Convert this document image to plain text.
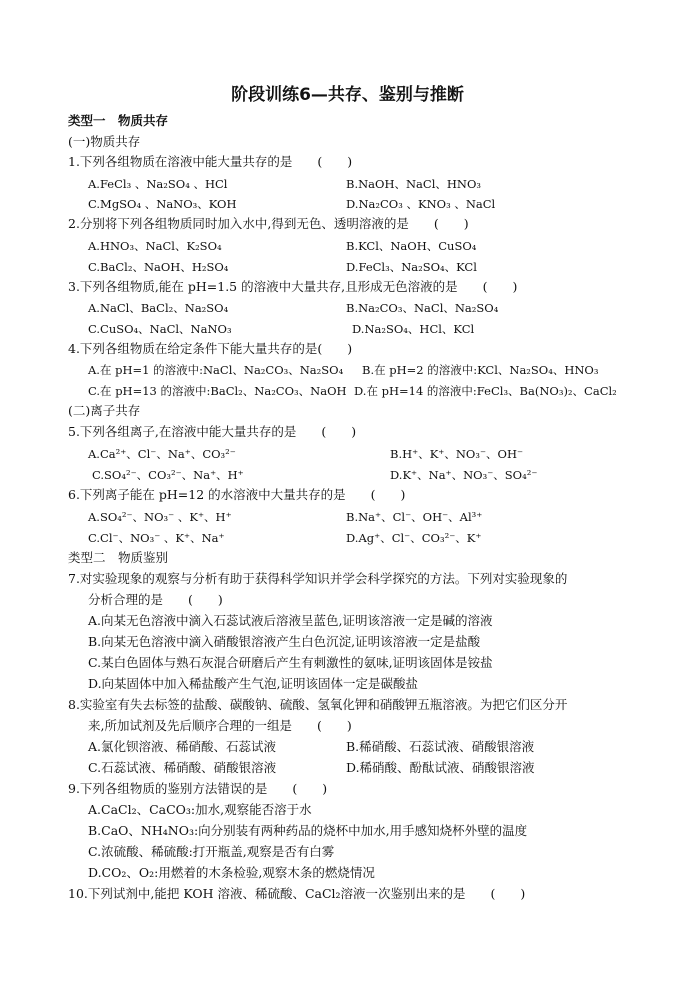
阶段训练6—共存、鉴别与推断
类型一　物质共存
(一)物质共存
1.下列各组物质在溶液中能大量共存的是　　(　　)
A.FeCl₃ 、Na₂SO₄ 、HCl	B.NaOH、NaCl、HNO₃
C.MgSO₄ 、NaNO₃、KOH	D.Na₂CO₃ 、KNO₃ 、NaCl
2.分别将下列各组物质同时加入水中,得到无色、透明溶液的是　　(　　)
A.HNO₃、NaCl、K₂SO₄	B.KCl、NaOH、CuSO₄
C.BaCl₂、NaOH、H₂SO₄	D.FeCl₃、Na₂SO₄、KCl
3.下列各组物质,能在 pH=1.5 的溶液中大量共存,且形成无色溶液的是　　(　　)
A.NaCl、BaCl₂、Na₂SO₄	B.Na₂CO₃、NaCl、Na₂SO₄
C.CuSO₄、NaCl、NaNO₃	D.Na₂SO₄、HCl、KCl
4.下列各组物质在给定条件下能大量共存的是(　　)
A.在 pH=1 的溶液中:NaCl、Na₂CO₃、Na₂SO₄ B.在 pH=2 的溶液中:KCl、Na₂SO₄、HNO₃
C.在 pH=13 的溶液中:BaCl₂、Na₂CO₃、NaOH D.在 pH=14 的溶液中:FeCl₃、Ba(NO₃)₂、CaCl₂
(二)离子共存
5.下列各组离子,在溶液中能大量共存的是　　(　　)
A.Ca²⁺、Cl⁻、Na⁺、CO₃²⁻	B.H⁺、K⁺、NO₃⁻、OH⁻
C.SO₄²⁻、CO₃²⁻、Na⁺、H⁺	D.K⁺、Na⁺、NO₃⁻、SO₄²⁻
6.下列离子能在 pH=12 的水溶液中大量共存的是　　(　　)
A.SO₄²⁻、NO₃⁻ 、K⁺、H⁺	B.Na⁺、Cl⁻、OH⁻、Al³⁺
C.Cl⁻、NO₃⁻ 、K⁺、Na⁺	D.Ag⁺、Cl⁻、CO₃²⁻、K⁺
类型二　物质鉴别
7.对实验现象的观察与分析有助于获得科学知识并学会科学探究的方法。下列对实验现象的
分析合理的是　　(　　)
A.向某无色溶液中滴入石蕊试液后溶液呈蓝色,证明该溶液一定是碱的溶液
B.向某无色溶液中滴入硝酸银溶液产生白色沉淀,证明该溶液一定是盐酸
C.某白色固体与熟石灰混合研磨后产生有刺激性的氨味,证明该固体是铵盐
D.向某固体中加入稀盐酸产生气泡,证明该固体一定是碳酸盐
8.实验室有失去标签的盐酸、碳酸钠、硫酸、氢氧化钾和硝酸钾五瓶溶液。为把它们区分开
来,所加试剂及先后顺序合理的一组是　　(　　)
A.氯化钡溶液、稀硝酸、石蕊试液	B.稀硝酸、石蕊试液、硝酸银溶液
C.石蕊试液、稀硝酸、硝酸银溶液	D.稀硝酸、酚酞试液、硝酸银溶液
9.下列各组物质的鉴别方法错误的是　　(　　)
A.CaCl₂、CaCO₃:加水,观察能否溶于水
B.CaO、NH₄NO₃:向分别装有两种药品的烧杯中加水,用手感知烧杯外壁的温度
C.浓硫酸、稀硫酸:打开瓶盖,观察是否有白雾
D.CO₂、O₂:用燃着的木条检验,观察木条的燃烧情况
10.下列试剂中,能把 KOH 溶液、稀硫酸、CaCl₂溶液一次鉴别出来的是　　(　　)
